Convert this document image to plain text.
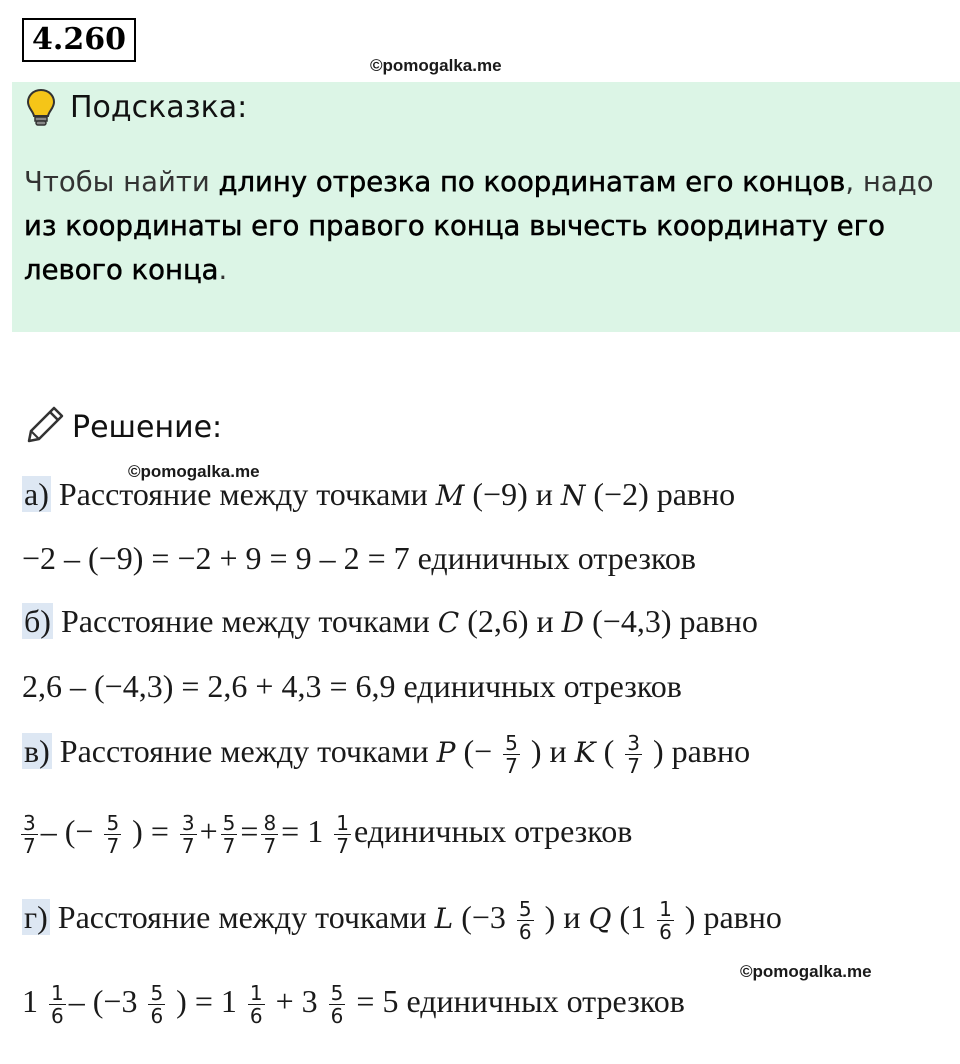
4.260
©pomogalka.me
Подсказка:
Чтобы найти длину отрезка по координатам его концов, надо из координаты его правого конца вычесть координату его левого конца.
Решение:
©pomogalka.me
а) Расстояние между точками M (−9) и N (−2) равно
−2 – (−9) = −2 + 9 = 9 – 2 = 7 единичных отрезков
б) Расстояние между точками C (2,6) и D (−4,3) равно
2,6 – (−4,3) = 2,6 + 4,3 = 6,9 единичных отрезков
в) Расстояние между точками P (− $\frac{5}{7}$ ) и K ( $\frac{3}{7}$ ) равно
$\frac{3}{7}$ – (− $\frac{5}{7}$ ) = $\frac{3}{7} + \frac{5}{7} = \frac{8}{7} = 1 \frac{1}{7}$ единичных отрезков
г) Расстояние между точками L ($-3 \frac{5}{6}$ ) и Q ($1 \frac{1}{6}$ ) равно
©pomogalka.me
$1 \frac{1}{6} - (-3 \frac{5}{6}$ ) = $1 \frac{1}{6} + 3 \frac{5}{6} = 5$ единичных отрезков
